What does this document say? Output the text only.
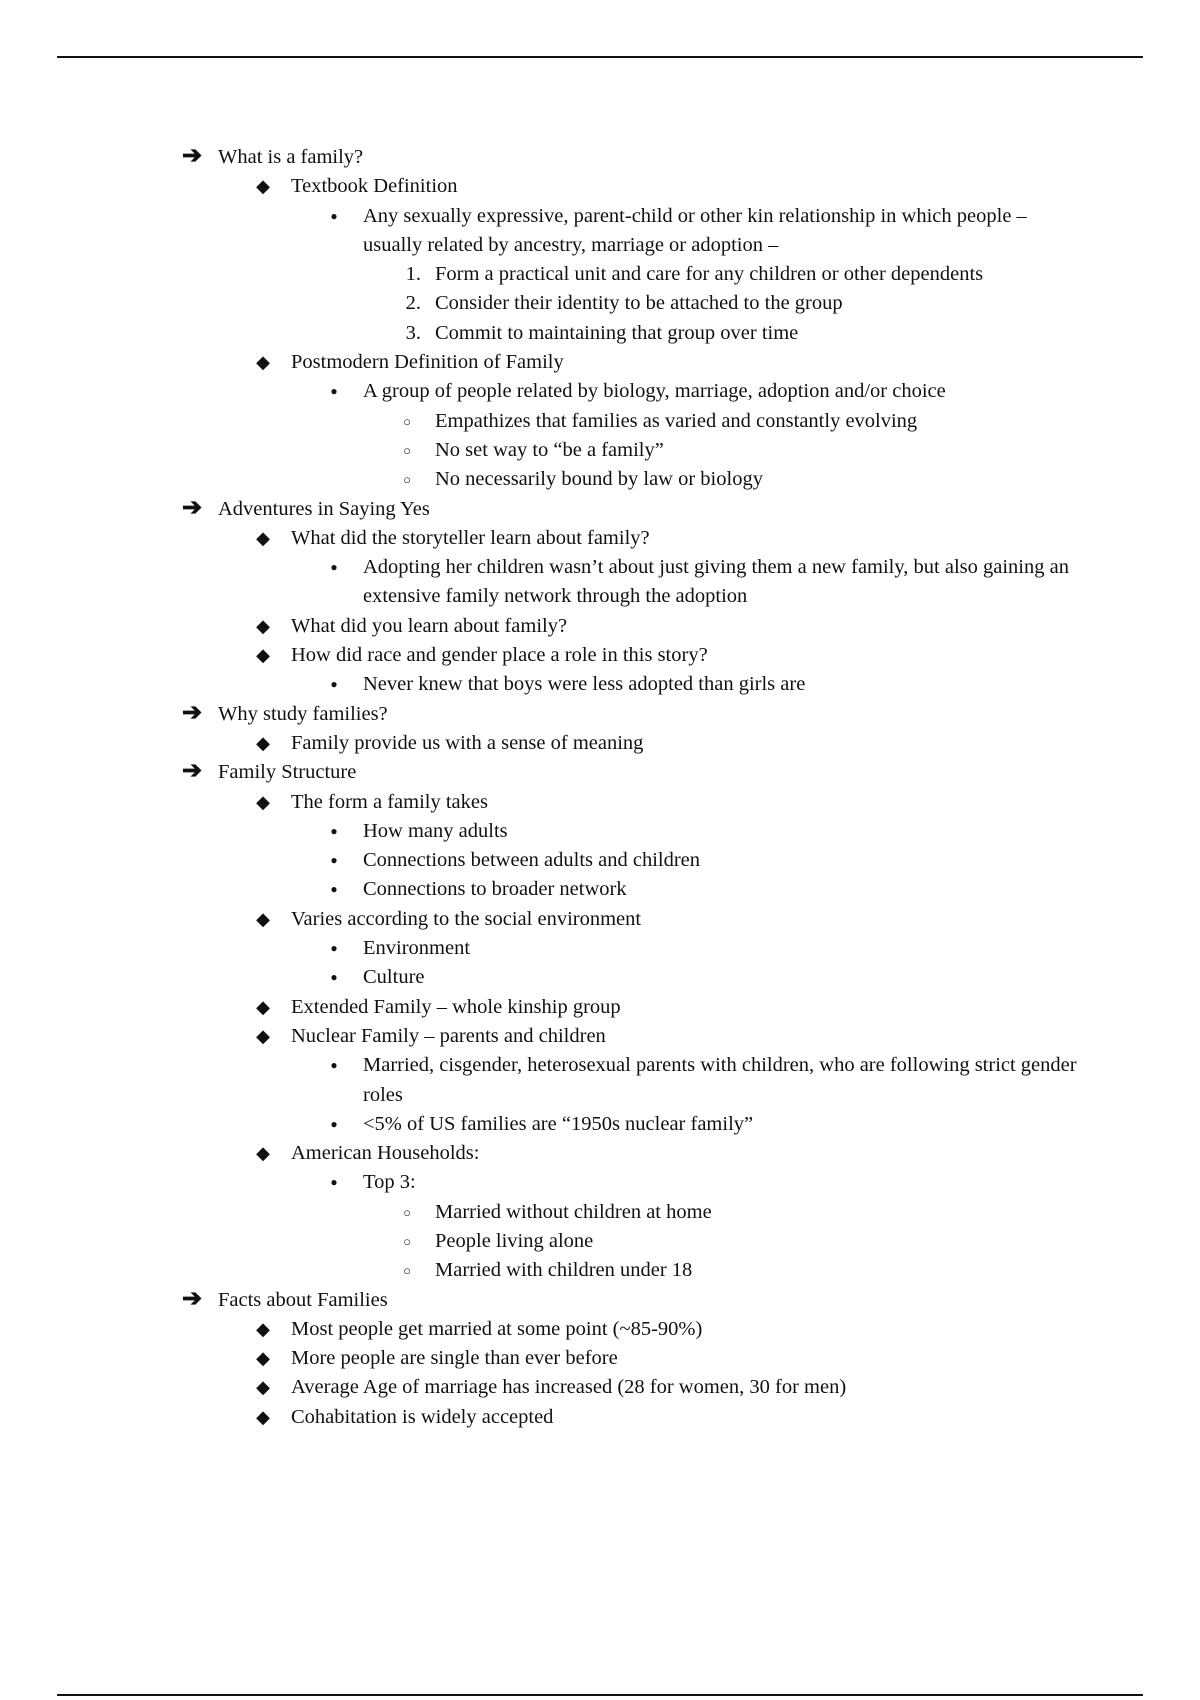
➔ What is a family?
◆	Textbook Definition
●	Any sexually expressive, parent-child or other kin relationship in which people – usually related by ancestry, marriage or adoption –
1. Form a practical unit and care for any children or other dependents
2. Consider their identity to be attached to the group
3. Commit to maintaining that group over time
◆	Postmodern Definition of Family
●	A group of people related by biology, marriage, adoption and/or choice
○	Empathizes that families as varied and constantly evolving
○	No set way to “be a family”
○	No necessarily bound by law or biology
➔ Adventures in Saying Yes
◆	What did the storyteller learn about family?
●	Adopting her children wasn’t about just giving them a new family, but also gaining an extensive family network through the adoption
◆	What did you learn about family?
◆	How did race and gender place a role in this story?
●	Never knew that boys were less adopted than girls are
➔ Why study families?
◆	Family provide us with a sense of meaning
➔ Family Structure
◆	The form a family takes
●	How many adults
●	Connections between adults and children
●	Connections to broader network
◆	Varies according to the social environment
●	Environment
●	Culture
◆	Extended Family – whole kinship group
◆	Nuclear Family – parents and children
●	Married, cisgender, heterosexual parents with children, who are following strict gender roles
●	<5% of US families are “1950s nuclear family”
◆	American Households:
●	Top 3:
○	Married without children at home
○	People living alone
○	Married with children under 18
➔ Facts about Families
◆	Most people get married at some point (~85-90%)
◆	More people are single than ever before
◆	Average Age of marriage has increased (28 for women, 30 for men)
◆	Cohabitation is widely accepted
